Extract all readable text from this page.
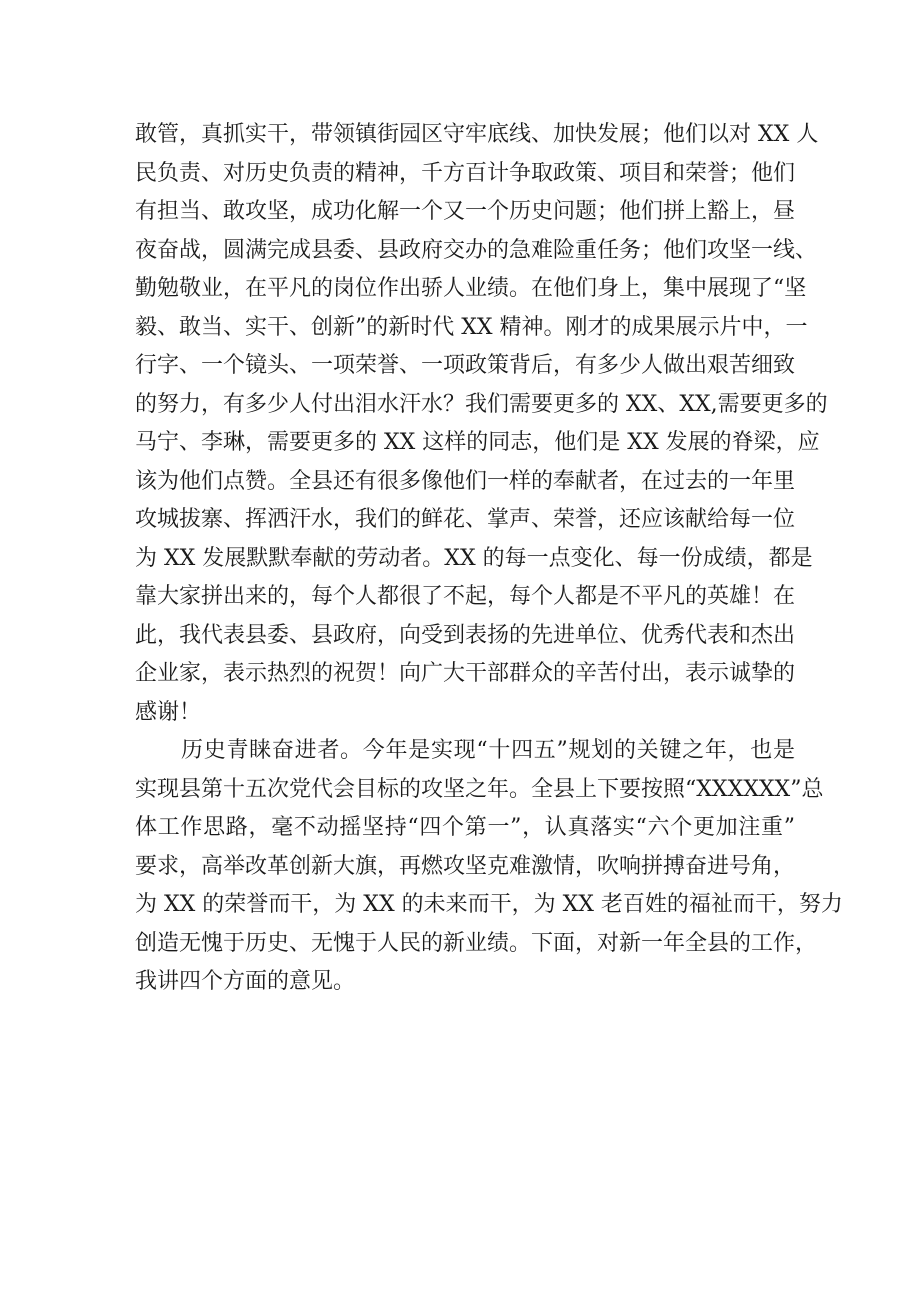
敢管，真抓实干，带领镇街园区守牢底线、加快发展；他们以对 XX 人
民负责、对历史负责的精神，千方百计争取政策、项目和荣誉；他们
有担当、敢攻坚，成功化解一个又一个历史问题；他们拼上豁上，昼
夜奋战，圆满完成县委、县政府交办的急难险重任务；他们攻坚一线、
勤勉敬业，在平凡的岗位作出骄人业绩。在他们身上，集中展现了“坚
毅、敢当、实干、创新”的新时代 XX 精神。刚才的成果展示片中，一
行字、一个镜头、一项荣誉、一项政策背后，有多少人做出艰苦细致
的努力，有多少人付出泪水汗水？我们需要更多的 XX、XX,需要更多的
马宁、李琳，需要更多的 XX 这样的同志，他们是 XX 发展的脊梁，应
该为他们点赞。全县还有很多像他们一样的奉献者，在过去的一年里
攻城拔寨、挥洒汗水，我们的鲜花、掌声、荣誉，还应该献给每一位
为 XX 发展默默奉献的劳动者。XX 的每一点变化、每一份成绩，都是
靠大家拼出来的，每个人都很了不起，每个人都是不平凡的英雄！在
此，我代表县委、县政府，向受到表扬的先进单位、优秀代表和杰出
企业家，表示热烈的祝贺！向广大干部群众的辛苦付出，表示诚挚的
感谢！
历史青睐奋进者。今年是实现“十四五”规划的关键之年，也是
实现县第十五次党代会目标的攻坚之年。全县上下要按照“XXXXXX”总
体工作思路，毫不动摇坚持“四个第一”，认真落实“六个更加注重”
要求，高举改革创新大旗，再燃攻坚克难激情，吹响拼搏奋进号角，
为 XX 的荣誉而干，为 XX 的未来而干，为 XX 老百姓的福祉而干，努力
创造无愧于历史、无愧于人民的新业绩。下面，对新一年全县的工作，
我讲四个方面的意见。
